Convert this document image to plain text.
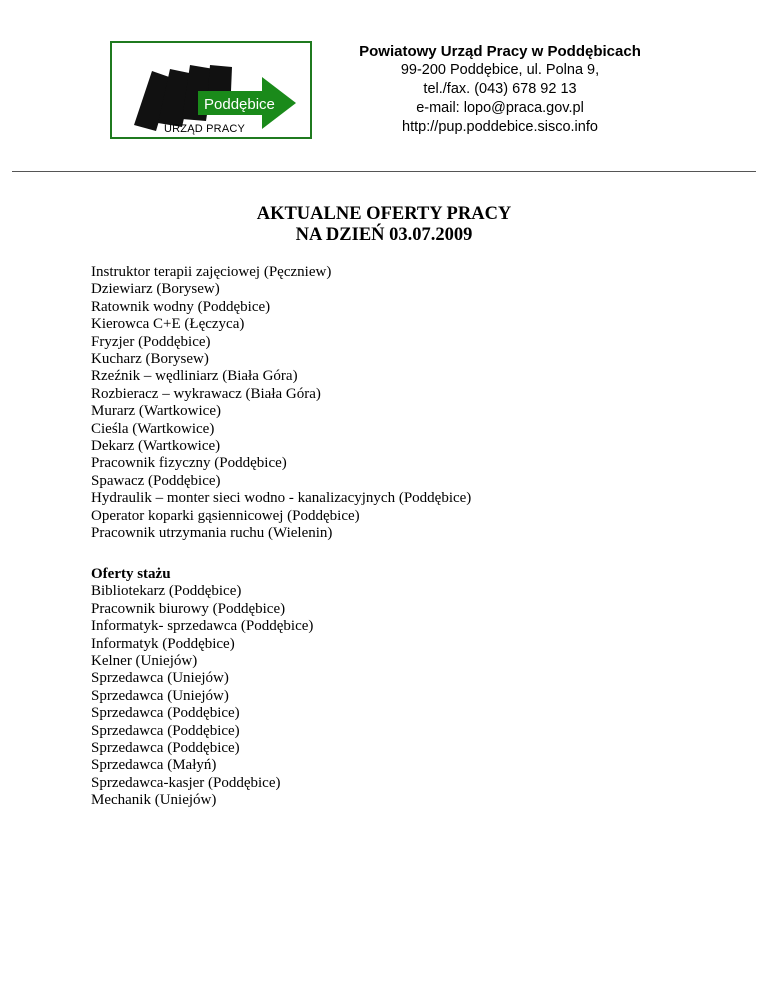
Poddębice
URZĄD PRACY
Powiatowy Urząd Pracy w Poddębicach
99-200 Poddębice, ul. Polna 9,
tel./fax. (043) 678 92 13
e-mail: lopo@praca.gov.pl
http://pup.poddebice.sisco.info
AKTUALNE OFERTY PRACY
NA DZIEŃ 03.07.2009
Instruktor terapii zajęciowej (Pęczniew)
Dziewiarz (Borysew)
Ratownik wodny (Poddębice)
Kierowca C+E (Łęczyca)
Fryzjer (Poddębice)
Kucharz (Borysew)
Rzeźnik – wędliniarz (Biała Góra)
Rozbieracz – wykrawacz (Biała Góra)
Murarz (Wartkowice)
Cieśla (Wartkowice)
Dekarz (Wartkowice)
Pracownik fizyczny (Poddębice)
Spawacz (Poddębice)
Hydraulik – monter sieci wodno - kanalizacyjnych (Poddębice)
Operator koparki gąsiennicowej (Poddębice)
Pracownik utrzymania ruchu (Wielenin)
Oferty stażu
Bibliotekarz (Poddębice)
Pracownik biurowy (Poddębice)
Informatyk- sprzedawca (Poddębice)
Informatyk (Poddębice)
Kelner (Uniejów)
Sprzedawca (Uniejów)
Sprzedawca (Uniejów)
Sprzedawca (Poddębice)
Sprzedawca (Poddębice)
Sprzedawca (Poddębice)
Sprzedawca (Małyń)
Sprzedawca-kasjer (Poddębice)
Mechanik (Uniejów)
